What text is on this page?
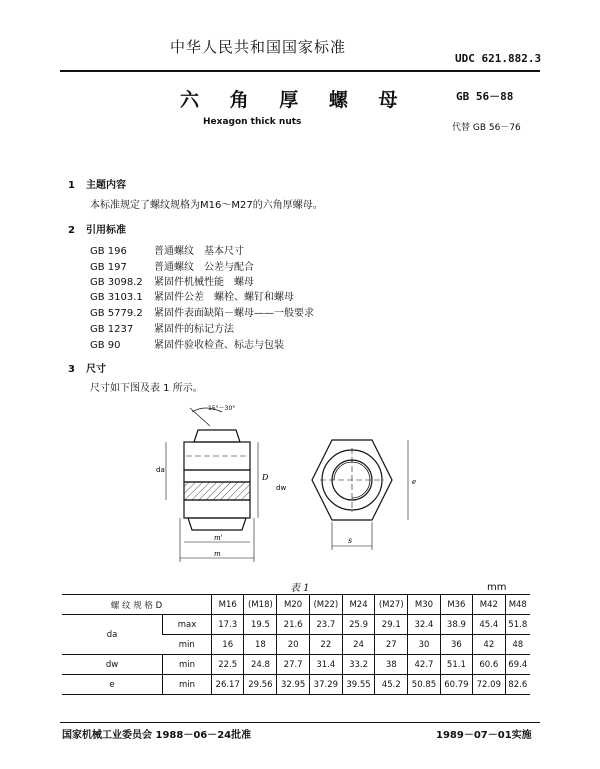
中华人民共和国国家标准
UDC 621.882.3
六 角 厚 螺 母	GB 56－88
Hexagon thick nuts
代替 GB 56－76
1 主题内容
本标准规定了螺纹规格为M16～M27的六角厚螺母。
2 引用标准
GB 196	普通螺纹　基本尺寸
GB 197	普通螺纹　公差与配合
GB 3098.2 紧固件机械性能　螺母
GB 3103.1 紧固件公差　螺栓、螺钉和螺母
GB 5779.2 紧固件表面缺陷－螺母——一般要求
GB 1237 紧固件的标记方法
GB 90	紧固件验收检查、标志与包装
3 尺寸
尺寸如下图及表 1 所示。
15°～30°
da
D
dw
m'
m
e
s
表 1	mm
螺 纹 规 格 D		M16	(M18)	M20	(M22)	M24	(M27)	M30	M36	M42	M48
da	max	17.3	19.5	21.6	23.7	25.9	29.1	32.4	38.9	45.4	51.8
	min	16	18	20	22	24	27	30	36	42	48
dw	min	22.5	24.8	27.7	31.4	33.2	38	42.7	51.1	60.6	69.4
e	min	26.17	29.56	32.95	37.29	39.55	45.2	50.85	60.79	72.09	82.6
国家机械工业委员会 1988－06－24批准	1989－07－01实施
